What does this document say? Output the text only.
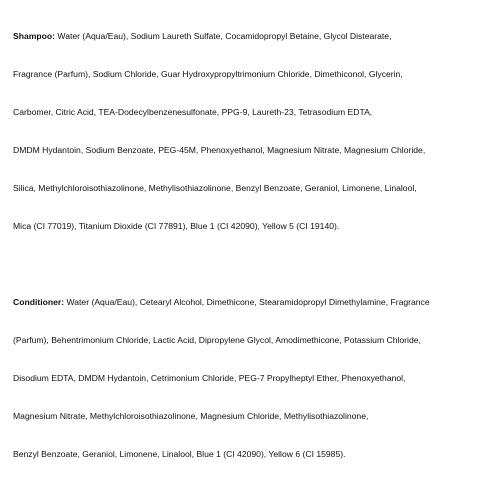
Shampoo: Water (Aqua/Eau), Sodium Laureth Sulfate, Cocamidopropyl Betaine, Glycol Distearate,
Fragrance (Parfum), Sodium Chloride, Guar Hydroxypropyltrimonium Chloride, Dimethiconol, Glycerin,
Carbomer, Citric Acid, TEA-Dodecylbenzenesulfonate, PPG-9, Laureth-23, Tetrasodium EDTA,
DMDM Hydantoin, Sodium Benzoate, PEG-45M, Phenoxyethanol, Magnesium Nitrate, Magnesium Chloride,
Silica, Methylchloroisothiazolinone, Methylisothiazolinone, Benzyl Benzoate, Geraniol, Limonene, Linalool,
Mica (CI 77019), Titanium Dioxide (CI 77891), Blue 1 (CI 42090), Yellow 5 (CI 19140).
Conditioner: Water (Aqua/Eau), Cetearyl Alcohol, Dimethicone, Stearamidopropyl Dimethylamine, Fragrance
(Parfum), Behentrimonium Chloride, Lactic Acid, Dipropylene Glycol, Amodimethicone, Potassium Chloride,
Disodium EDTA, DMDM Hydantoin, Cetrimonium Chloride, PEG-7 Propylheptyl Ether, Phenoxyethanol,
Magnesium Nitrate, Methylchloroisothiazolinone, Magnesium Chloride, Methylisothiazolinone,
Benzyl Benzoate, Geraniol, Limonene, Linalool, Blue 1 (CI 42090), Yellow 6 (CI 15985).
